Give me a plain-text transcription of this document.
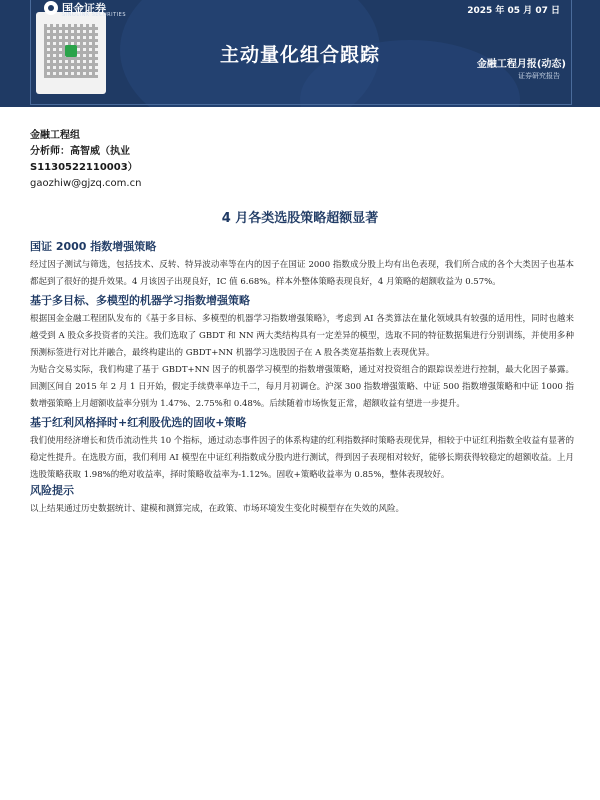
国金证券
SINOLINK SECURITIES	2025 年 05 月 07 日
主动量化组合跟踪	金融工程月报(动态)
证券研究报告
金融工程组
分析师：高智威（执业
S1130522110003）
gaozhiw@gjzq.com.cn
4 月各类选股策略超额显著
国证 2000 指数增强策略

经过因子测试与筛选，包括技术、反转、特异波动率等在内的因子在国证 2000 指数成分股上均有出色表现，我们所合成的各个大类因子也基本都起到了很好的提升效果。4 月该因子出现良好，IC 值 6.68%。样本外整体策略表现良好，4 月策略的超额收益为 0.57%。

基于多目标、多模型的机器学习指数增强策略

根据国金金融工程团队发布的《基于多目标、多模型的机器学习指数增强策略》，考虑到 AI 各类算法在量化领域具有较强的适用性，同时也越来越受到 A 股众多投资者的关注。我们选取了 GBDT 和 NN 两大类结构具有一定差异的模型，选取不同的特征数据集进行分别训练，并使用多种预测标签进行对比并融合，最终构建出的 GBDT+NN 机器学习选股因子在 A 股各类宽基指数上表现优异。

为贴合交易实际，我们构建了基于 GBDT+NN 因子的机器学习模型的指数增强策略，通过对投资组合的跟踪误差进行控制，最大化因子暴露。回测区间自 2015 年 2 月 1 日开始，假定手续费率单边千二，每月月初调仓。沪深 300 指数增强策略、中证 500 指数增强策略和中证 1000 指数增强策略上月超额收益率分别为 1.47%、2.75%和 0.48%。后续随着市场恢复正常，超额收益有望进一步提升。

基于红利风格择时+红利股优选的固收+策略

我们使用经济增长和货币流动性共 10 个指标，通过动态事件因子的体系构建的红利指数择时策略表现优异，相较于中证红利指数全收益有显著的稳定性提升。在选股方面，我们利用 AI 模型在中证红利指数成分股内进行测试，得到因子表现相对较好，能够长期获得较稳定的超额收益。上月选股策略获取 1.98%的绝对收益率，择时策略收益率为-1.12%。固收+策略收益率为 0.85%，整体表现较好。

风险提示

以上结果通过历史数据统计、建模和测算完成，在政策、市场环境发生变化时模型存在失效的风险。
